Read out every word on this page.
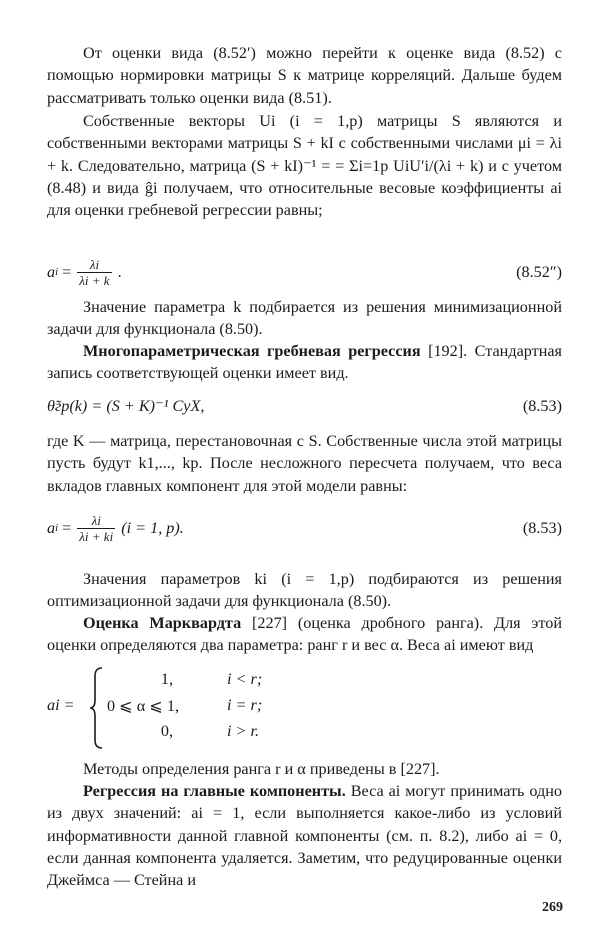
От оценки вида (8.52′) можно перейти к оценке вида (8.52) с помощью нормировки матрицы S к матрице корреляций. Дальше будем рассматривать только оценки вида (8.51).

Собственные векторы Ui (i = 1,p) матрицы S являются и собственными векторами матрицы S + kI с собственными числами μi = λi + k. Следовательно, матрица (S + kI)⁻¹ = = Σi=1p UiU′i/(λi + k) и с учетом (8.48) и вида ĝi получаем, что относительные весовые коэффициенты ai для оценки гребневой регрессии равны;

a $i = \frac{\lambda i}{\lambda i + k}$ .	(8.52″)

Значение параметра k подбирается из решения минимизационной задачи для функционала (8.50).

Многопараметрическая гребневая регрессия [192]. Стандартная запись соответствующей оценки имеет вид.

θ̃гр(k) = (S + K)⁻¹ CyX,	(8.53)

где K — матрица, перестановочная с S. Собственные числа этой матрицы пусть будут k1,..., kp. После несложного пересчета получаем, что веса вкладов главных компонент для этой модели равны:

a $i = \frac{\lambda i}{\lambda i + ki} (i = 1$, p).	(8.53)

Значения параметров ki (i = 1,p) подбираются из решения оптимизационной задачи для функционала (8.50).

Оценка Марквардта [227] (оценка дробного ранга). Для этой оценки определяются два параметра: ранг r и вес α. Веса ai имеют вид

ai =
1,	i < r;
0 ⩽ α ⩽ 1,	i = r;
0,	i > r.

Методы определения ранга r и α приведены в [227].

Регрессия на главные компоненты. Веса ai могут принимать одно из двух значений: ai = 1, если выполняется какое-либо из условий информативности данной главной компоненты (см. п. 8.2), либо ai = 0, если данная компонента удаляется. Заметим, что редуцированные оценки Джеймса — Стейна и

269
